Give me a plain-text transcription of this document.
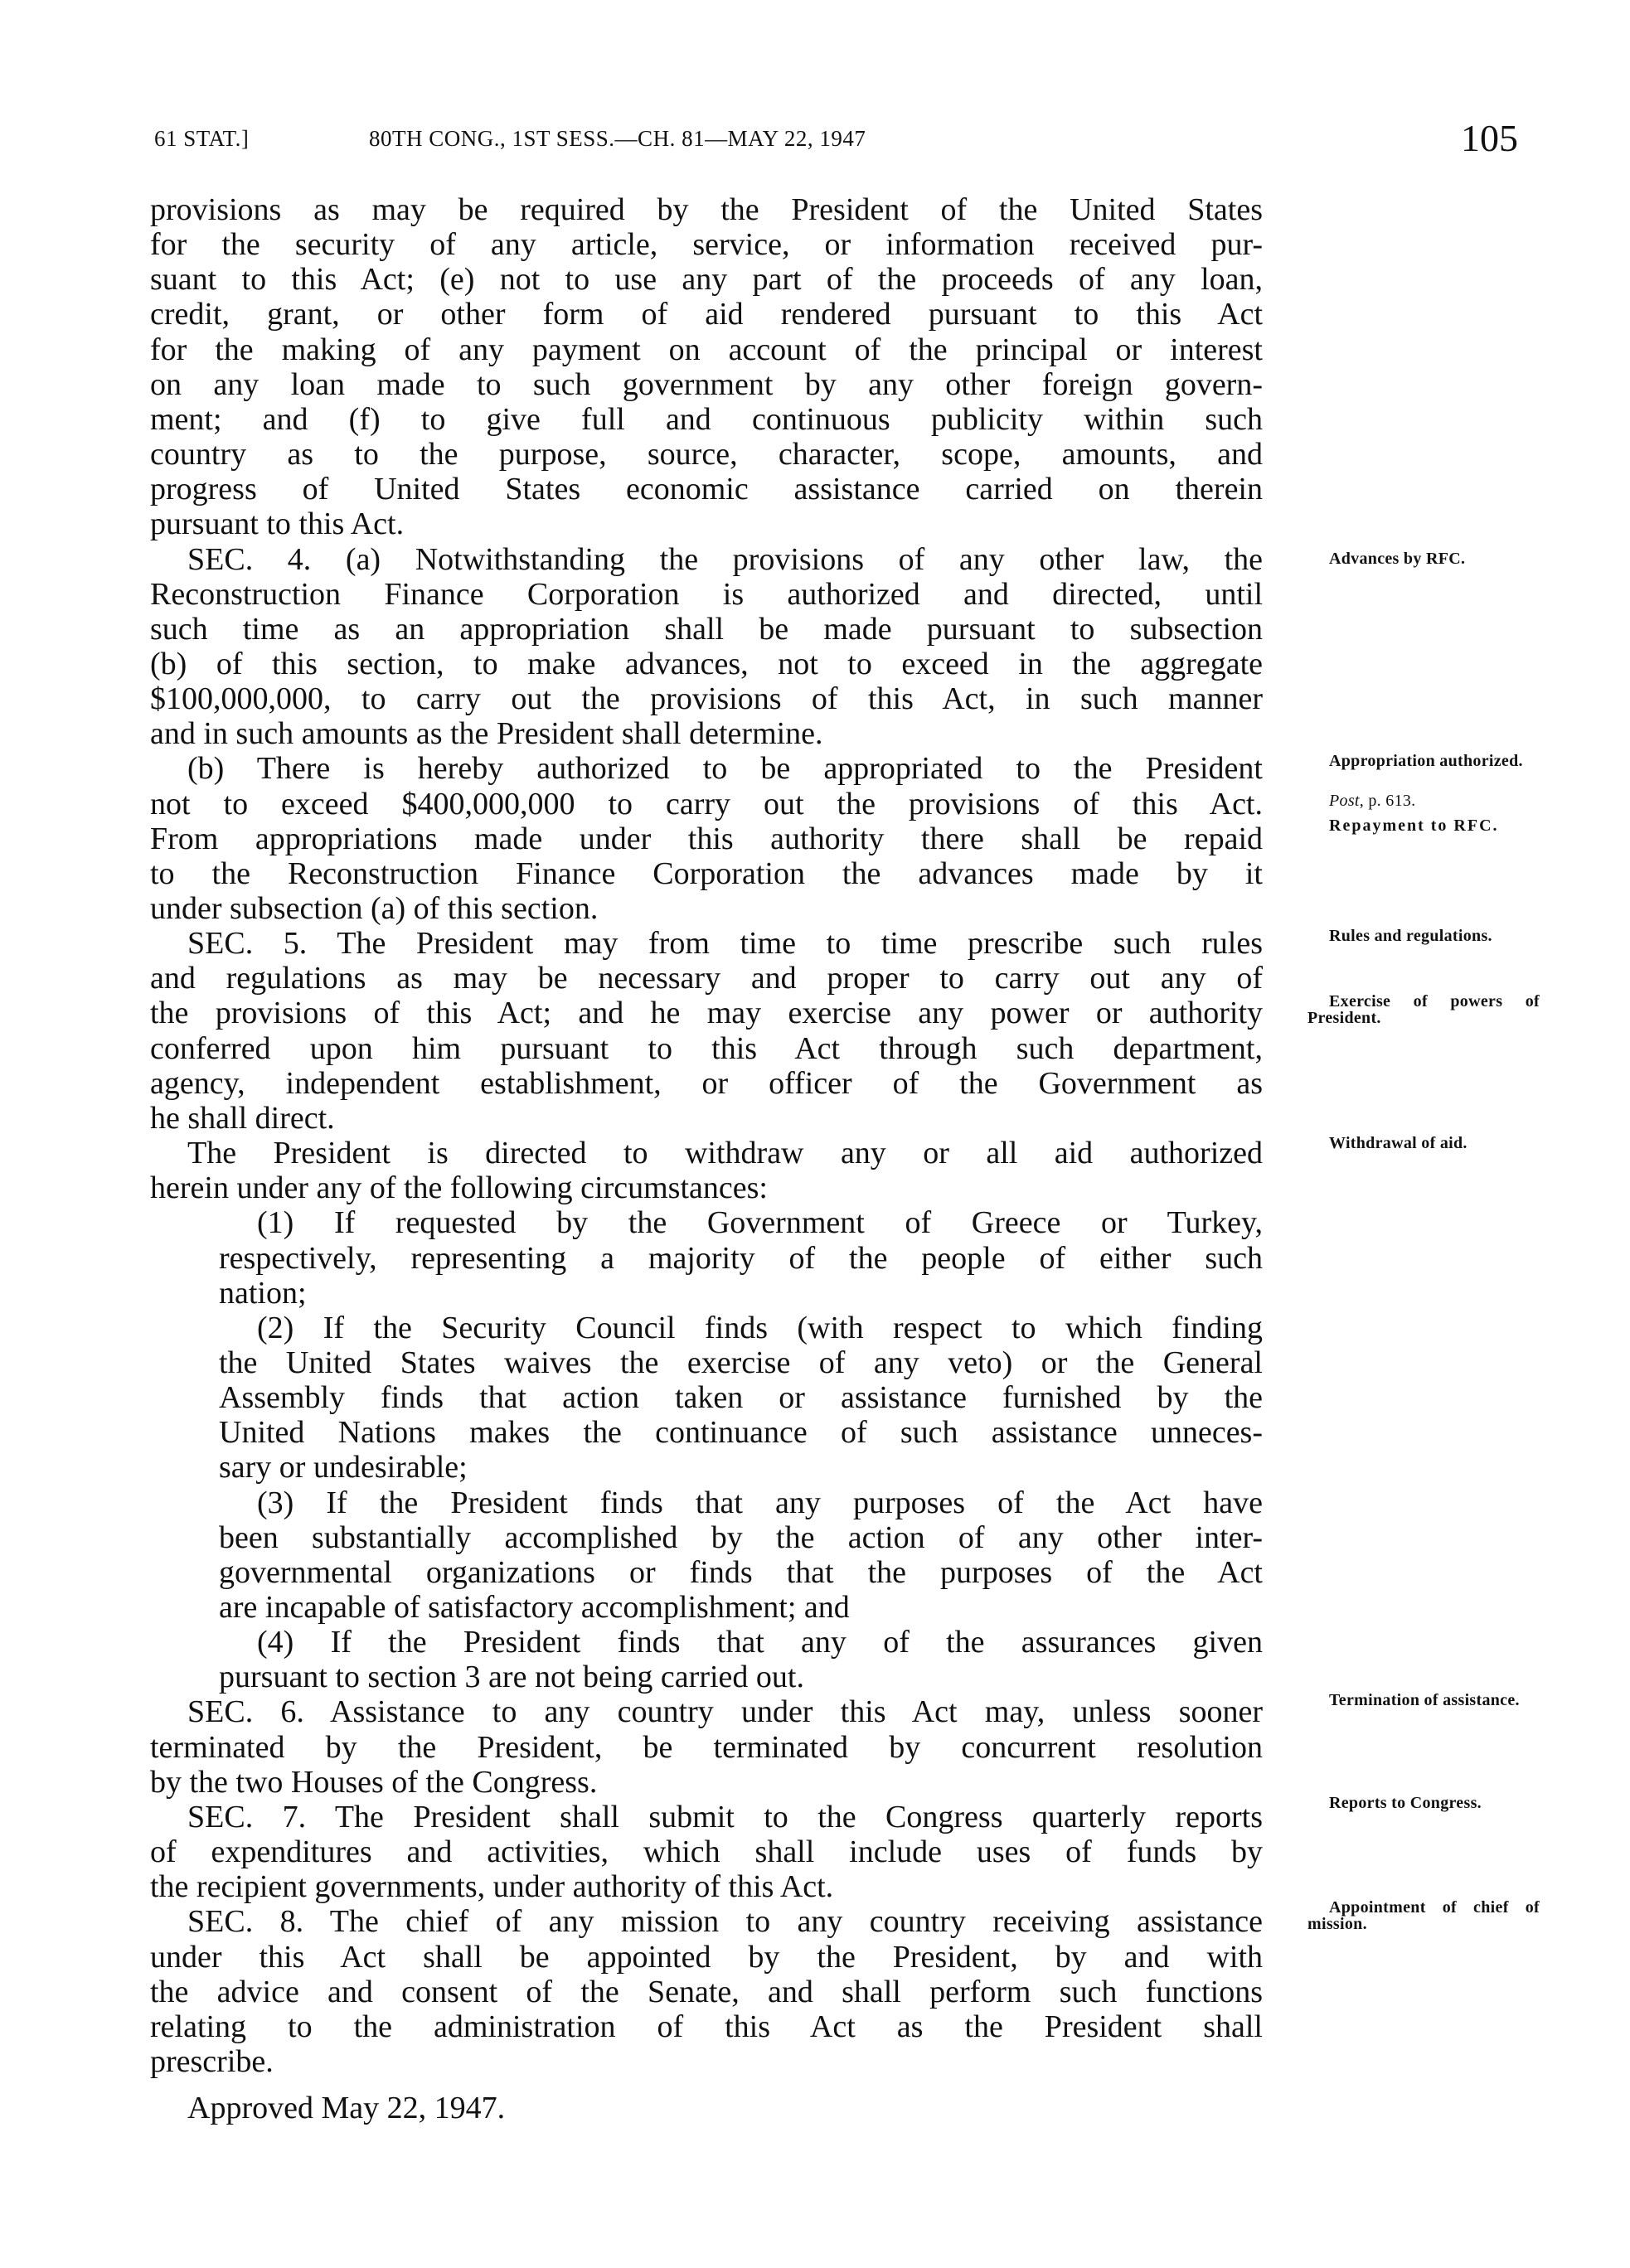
61 STAT.]	80TH CONG., 1ST SESS.—CH. 81—MAY 22, 1947	105
provisions as may be required by the President of the United States
for the security of any article, service, or information received pur-
suant to this Act; (e) not to use any part of the proceeds of any loan,
credit, grant, or other form of aid rendered pursuant to this Act
for the making of any payment on account of the principal or interest
on any loan made to such government by any other foreign govern-
ment; and (f) to give full and continuous publicity within such
country as to the purpose, source, character, scope, amounts, and
progress of United States economic assistance carried on therein
pursuant to this Act.
SEC. 4. (a) Notwithstanding the provisions of any other law, the
Reconstruction Finance Corporation is authorized and directed, until
such time as an appropriation shall be made pursuant to subsection
(b) of this section, to make advances, not to exceed in the aggregate
$100,000,000, to carry out the provisions of this Act, in such manner
and in such amounts as the President shall determine.
(b) There is hereby authorized to be appropriated to the President
not to exceed $400,000,000 to carry out the provisions of this Act.
From appropriations made under this authority there shall be repaid
to the Reconstruction Finance Corporation the advances made by it
under subsection (a) of this section.
SEC. 5. The President may from time to time prescribe such rules
and regulations as may be necessary and proper to carry out any of
the provisions of this Act; and he may exercise any power or authority
conferred upon him pursuant to this Act through such department,
agency, independent establishment, or officer of the Government as
he shall direct.
The President is directed to withdraw any or all aid authorized
herein under any of the following circumstances:
(1) If requested by the Government of Greece or Turkey,
respectively, representing a majority of the people of either such
nation;
(2) If the Security Council finds (with respect to which finding
the United States waives the exercise of any veto) or the General
Assembly finds that action taken or assistance furnished by the
United Nations makes the continuance of such assistance unneces-
sary or undesirable;
(3) If the President finds that any purposes of the Act have
been substantially accomplished by the action of any other inter-
governmental organizations or finds that the purposes of the Act
are incapable of satisfactory accomplishment; and
(4) If the President finds that any of the assurances given
pursuant to section 3 are not being carried out.
SEC. 6. Assistance to any country under this Act may, unless sooner
terminated by the President, be terminated by concurrent resolution
by the two Houses of the Congress.
SEC. 7. The President shall submit to the Congress quarterly reports
of expenditures and activities, which shall include uses of funds by
the recipient governments, under authority of this Act.
SEC. 8. The chief of any mission to any country receiving assistance
under this Act shall be appointed by the President, by and with
the advice and consent of the Senate, and shall perform such functions
relating to the administration of this Act as the President shall
prescribe.
Approved May 22, 1947.
Advances by RFC.
Appropriation authorized.
Post, p. 613.
Repayment to RFC.
Rules and regulations.
Exercise of powers of President.
Withdrawal of aid.
Termination of assistance.
Reports to Congress.
Appointment of chief of mission.
